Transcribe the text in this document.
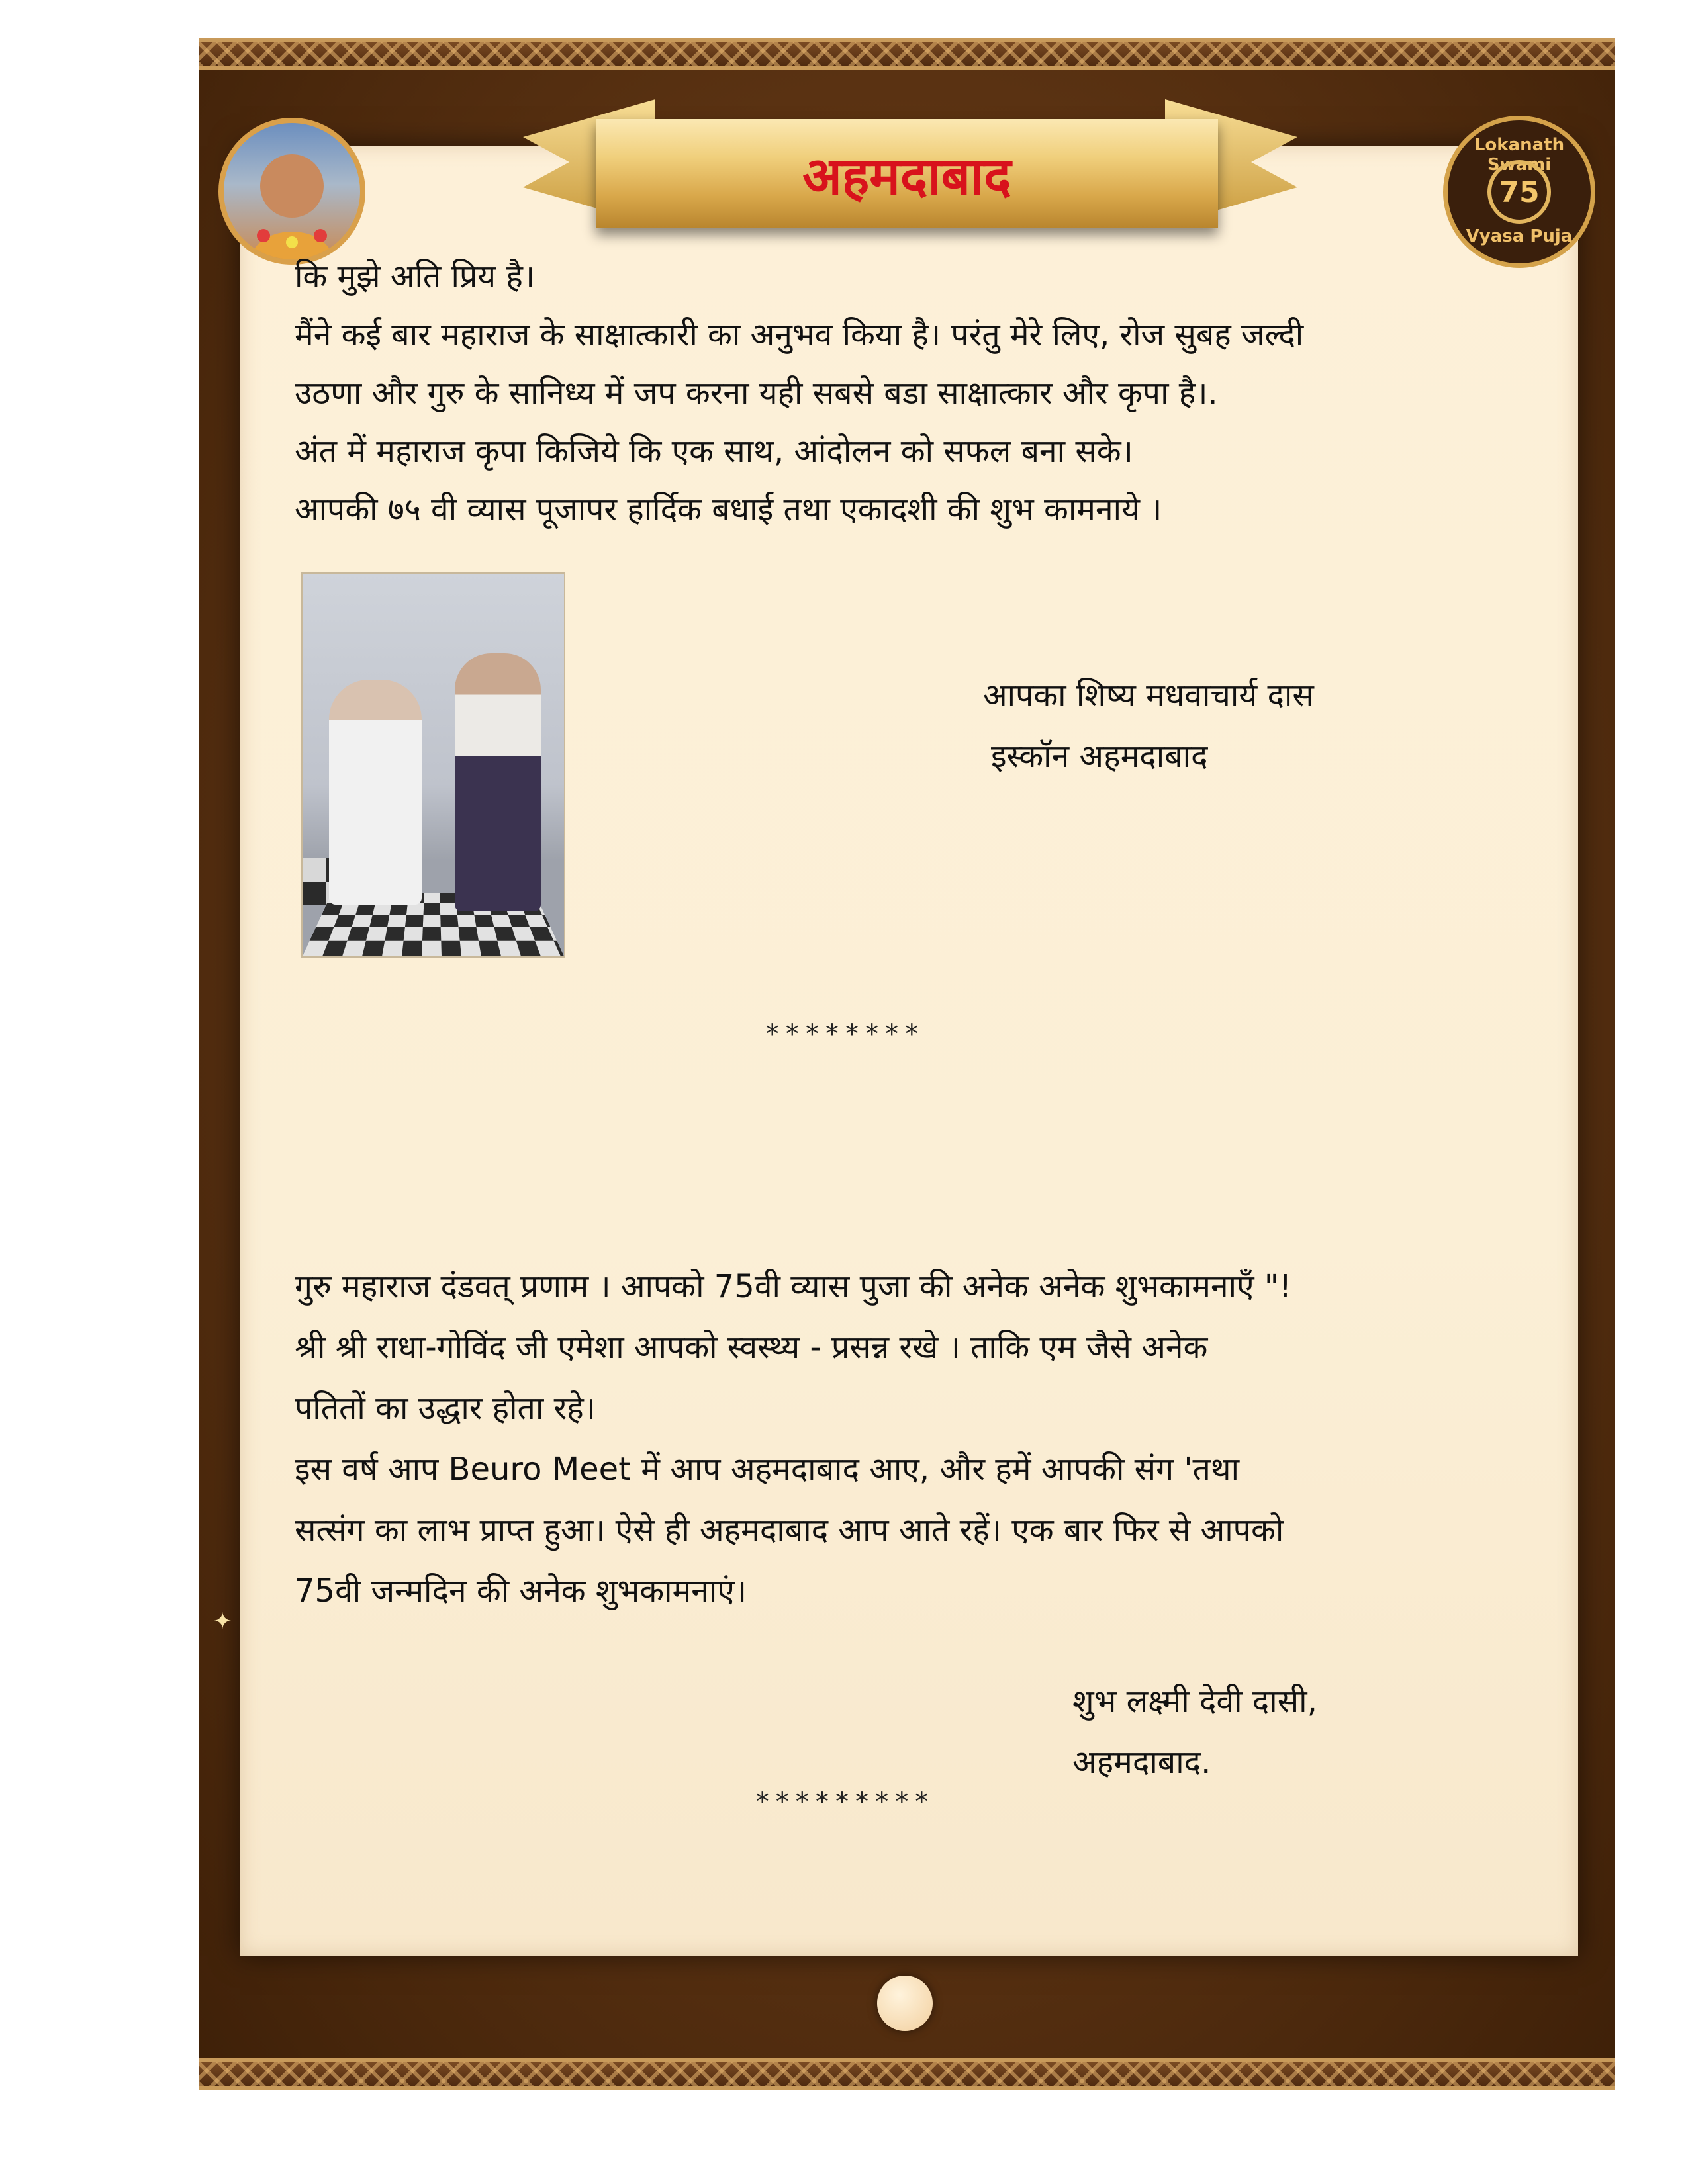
अहमदाबाद
Lokanath Swami
75
Vyasa Puja
कि मुझे अति प्रिय है।
मैंने कई बार महाराज के साक्षात्कारी का अनुभव किया है। परंतु मेरे लिए, रोज सुबह जल्दी
उठणा और गुरु के सानिध्य में जप करना यही सबसे बडा साक्षात्कार और कृपा है।.
अंत में महाराज कृपा किजिये कि एक साथ, आंदोलन को सफल बना सके।
आपकी ७५ वी व्यास पूजापर हार्दिक बधाई तथा एकादशी की शुभ कामनाये ।
आपका शिष्य मधवाचार्य दास
इस्कॉन अहमदाबाद
********
गुरु महाराज दंडवत् प्रणाम । आपको 75वी व्यास पुजा की अनेक अनेक शुभकामनाएँ "!
श्री श्री राधा-गोविंद जी एमेशा आपको स्वस्थ्य - प्रसन्न रखे । ताकि एम जैसे अनेक
पतितों का उद्धार होता रहे।
इस वर्ष आप Beuro Meet में आप अहमदाबाद आए, और हमें आपकी संग 'तथा
सत्संग का लाभ प्राप्त हुआ। ऐसे ही अहमदाबाद आप आते रहें। एक बार फिर से आपको
75वी जन्मदिन की अनेक शुभकामनाएं।
शुभ लक्ष्मी देवी दासी,
अहमदाबाद.
*********
✦
